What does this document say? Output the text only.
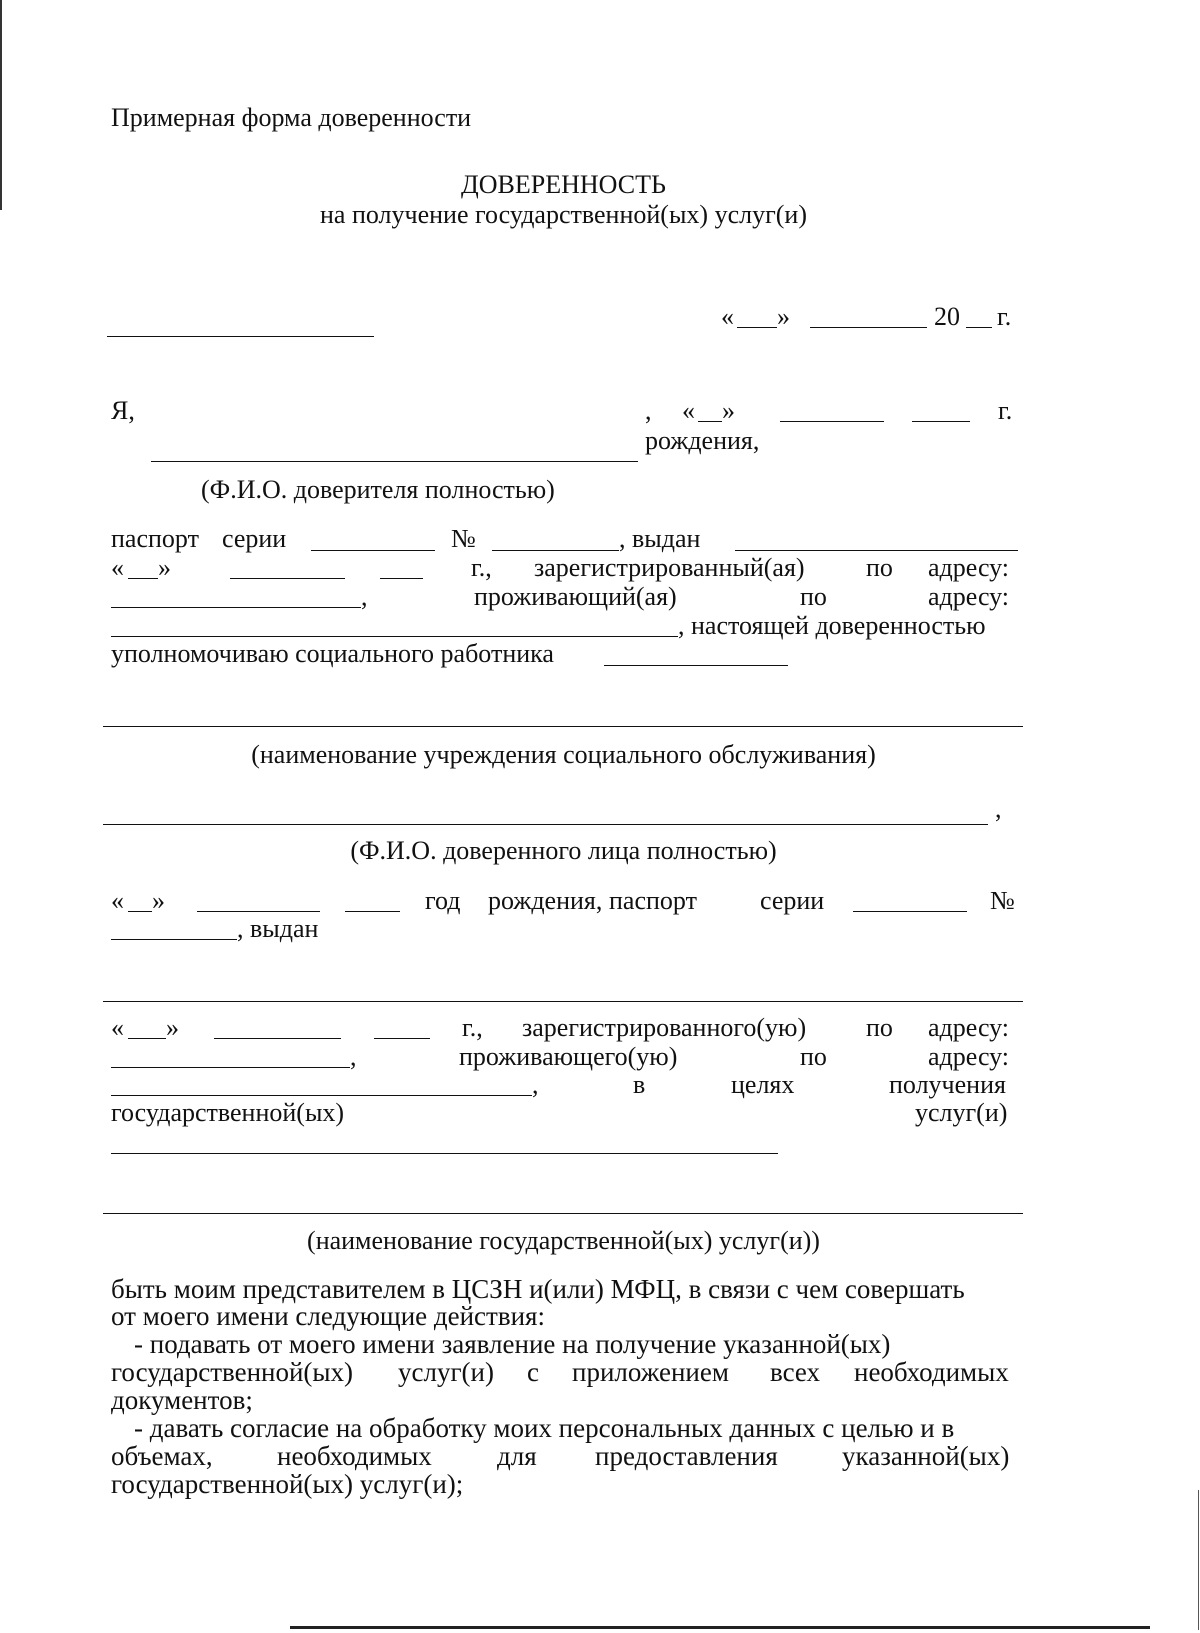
Примерная форма доверенности
ДОВЕРЕННОСТЬ
на получение государственной(ых) услуг(и)
« »	20 г.
Я,	, « »	г.
рождения,
(Ф.И.О. доверителя полностью)
паспорт серии	№	, выдан
« »	г., зарегистрированный(ая) по адресу:
,	проживающий(ая)	по	адресу:
, настоящей доверенностью
уполномочиваю социального работника
(наименование учреждения социального обслуживания)
,
(Ф.И.О. доверенного лица полностью)
« »	год рождения, паспорт серии	№
, выдан
« »	г., зарегистрированного(ую) по адресу:
,	проживающего(ую)	по	адресу:
,	в	целях	получения
государственной(ых)	услуг(и)
(наименование государственной(ых) услуг(и))
быть моим представителем в ЦСЗН и(или) МФЦ, в связи с чем совершать
от моего имени следующие действия:
- подавать от моего имени заявление на получение указанной(ых)
государственной(ых) услуг(и) с приложением всех необходимых
документов;
- давать согласие на обработку моих персональных данных с целью и в
объемах, необходимых для предоставления указанной(ых)
государственной(ых) услуг(и);
